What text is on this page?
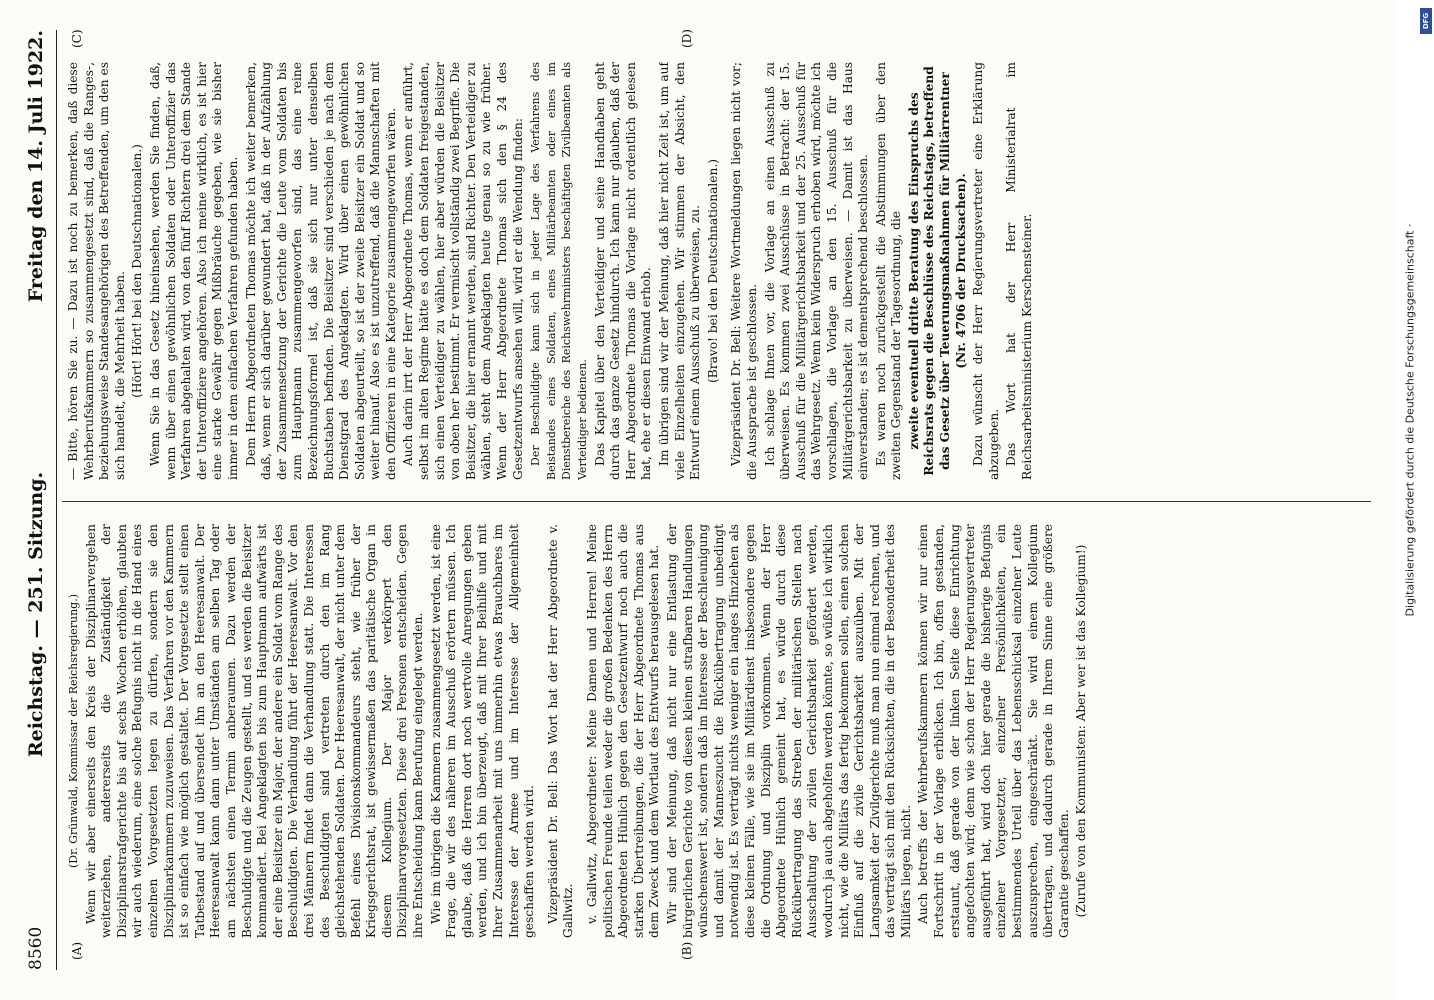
8560
Reichstag. — 251. Sitzung.
Freitag den 14. Juli 1922.
(A)	(B)
(C)	(D)

(Dr. Grünwald, Kommissar der Reichsregierung.) Wenn wir aber einerseits den Kreis der Disziplinarvergehen weiterziehen, andererseits die Zuständigkeit der Disziplinarstrafgerichte bis auf sechs Wochen erhöhen, glaubten wir auch wiederum, eine solche Befugnis nicht in die Hand eines einzelnen Vorgesetzten legen zu dürfen, sondern sie den Disziplinarkammern zuzuweisen. Das Verfahren vor den Kammern ist so einfach wie möglich gestaltet. Der Vorgesetzte stellt einen Tatbestand auf und übersendet ihn an den Heeresanwalt. Der Heeresanwalt kann dann unter Umständen am selben Tag oder am nächsten einen Termin anberaumen. Dazu werden der Beschuldigte und die Zeugen gestellt, und es werden die Beisitzer kommandiert. Bei Angeklagten bis zum Hauptmann aufwärts ist der eine Beisitzer ein Major, der andere ein Soldat vom Range des Beschuldigten. Die Verhandlung führt der Heeresanwalt. Vor den drei Männern findet dann die Verhandlung statt. Die Interessen des Beschuldigten sind vertreten durch den im Rang gleichstehenden Soldaten. Der Heeresanwalt, der nicht unter dem Befehl eines Divisionskommandeurs steht, wie früher der Kriegsgerichtsrat, ist gewissermaßen das paritätische Organ in diesem Kollegium. Der Major verkörpert den Disziplinarvorgesetzten. Diese drei Personen entscheiden. Gegen ihre Entscheidung kann Berufung eingelegt werden. Wie im übrigen die Kammern zusammengesetzt werden, ist eine Frage, die wir des näheren im Ausschuß erörtern müssen. Ich glaube, daß die Herren dort noch wertvolle Anregungen geben werden, und ich bin überzeugt, daß mit Ihrer Beihilfe und mit Ihrer Zusammenarbeit mit uns immerhin etwas Brauchbares im Interesse der Armee und im Interesse der Allgemeinheit geschaffen werden wird. Vizepräsident Dr. Bell: Das Wort hat der Herr Abgeordnete v. Gallwitz. v. Gallwitz, Abgeordneter: Meine Damen und Herren! Meine politischen Freunde teilen weder die großen Bedenken des Herrn Abgeordneten Hünlich gegen den Gesetzentwurf noch auch die starken Übertreibungen, die der Herr Abgeordnete Thomas aus dem Zweck und dem Wortlaut des Entwurfs herausgelesen hat. Wir sind der Meinung, daß nicht nur eine Entlastung der bürgerlichen Gerichte von diesen kleinen strafbaren Handlungen wünschenswert ist, sondern daß im Interesse der Beschleunigung und damit der Manneszucht die Rückübertragung unbedingt notwendig ist. Es verträgt nichts weniger ein langes Hinziehen als diese kleinen Fälle, wie sie im Militärdienst insbesondere gegen die Ordnung und Disziplin vorkommen. Wenn der Herr Abgeordnete Hünlich gemeint hat, es würde durch diese Rückübertragung das Streben der militärischen Stellen nach Ausschaltung der zivilen Gerichtsbarkeit gefördert werden, wodurch ja auch abgeholfen werden könnte, so wüßte ich wirklich nicht, wie die Militärs das fertig bekommen sollen, einen solchen Einfluß auf die zivile Gerichtsbarkeit auszuüben. Mit der Langsamkeit der Zivilgerichte muß man nun einmal rechnen, und das verträgt sich mit den Rücksichten, die in der Besonderheit des Militärs liegen, nicht. Auch betreffs der Wehrberufskammern können wir nur einen Fortschritt in der Vorlage erblicken. Ich bin, offen gestanden, erstaunt, daß gerade von der linken Seite diese Einrichtung angefochten wird; denn wie schon der Herr Regierungsvertreter ausgeführt hat, wird doch hier gerade die bisherige Befugnis einzelner Vorgesetzter, einzelner Persönlichkeiten, ein bestimmendes Urteil über das Lebensschicksal einzelner Leute auszusprechen, eingeschränkt. Sie wird einem Kollegium übertragen, und dadurch gerade in Ihrem Sinne eine größere Garantie geschaffen. (Zurufe von den Kommunisten: Aber wer ist das Kollegium!)

— Bitte, hören Sie zu. — Dazu ist noch zu bemerken, daß diese Wehrberufskammern so zusammengesetzt sind, daß die Ranges-, beziehungsweise Standesangehörigen des Betreffenden, um den es sich handelt, die Mehrheit haben. (Hört! Hört! bei den Deutschnationalen.) Wenn Sie in das Gesetz hineinsehen, werden Sie finden, daß, wenn über einen gewöhnlichen Soldaten oder Unteroffizier das Verfahren abgehalten wird, von den fünf Richtern drei dem Stande der Unteroffiziere angehören. Also ich meine wirklich, es ist hier eine starke Gewähr gegen Mißbräuche gegeben, wie sie bisher immer in dem einfachen Verfahren gefunden haben. Dem Herrn Abgeordneten Thomas möchte ich weiter bemerken, daß, wenn er sich darüber gewundert hat, daß in der Aufzählung der Zusammensetzung der Gerichte die Leute vom Soldaten bis zum Hauptmann zusammengeworfen sind, das eine reine Bezeichnungsformel ist, daß sie sich nur unter denselben Buchstaben befinden. Die Beisitzer sind verschieden je nach dem Dienstgrad des Angeklagten. Wird über einen gewöhnlichen Soldaten abgeurteilt, so ist der zweite Beisitzer ein Soldat und so weiter hinauf. Also es ist unzutreffend, daß die Mannschaften mit den Offizieren in eine Kategorie zusammengeworfen wären. Auch darin irrt der Herr Abgeordnete Thomas, wenn er anführt, selbst im alten Regime hätte es doch dem Soldaten freigestanden, sich einen Verteidiger zu wählen, hier aber würden die Beisitzer von oben her bestimmt. Er vermischt vollständig zwei Begriffe. Die Beisitzer, die hier ernannt werden, sind Richter. Den Verteidiger zu wählen, steht dem Angeklagten heute genau so zu wie früher. Wenn der Herr Abgeordnete Thomas sich den § 24 des Gesetzentwurfs ansehen will, wird er die Wendung finden: Der Beschuldigte kann sich in jeder Lage des Verfahrens des Beistandes eines Soldaten, eines Militärbeamten oder eines im Dienstbereiche des Reichswehrministers beschäftigten Zivilbeamten als Verteidiger bedienen. Das Kapitel über den Verteidiger und seine Handhaben geht durch das ganze Gesetz hindurch. Ich kann nur glauben, daß der Herr Abgeordnete Thomas die Vorlage nicht ordentlich gelesen hat, ehe er diesen Einwand erhob. Im übrigen sind wir der Meinung, daß hier nicht Zeit ist, um auf viele Einzelheiten einzugehen. Wir stimmen der Absicht, den Entwurf einem Ausschuß zu überweisen, zu. (Bravo! bei den Deutschnationalen.) Vizepräsident Dr. Bell: Weitere Wortmeldungen liegen nicht vor; die Aussprache ist geschlossen. Ich schlage Ihnen vor, die Vorlage an einen Ausschuß zu überweisen. Es kommen zwei Ausschüsse in Betracht: der 15. Ausschuß für die Militärgerichtsbarkeit und der 25. Ausschuß für das Wehrgesetz. Wenn kein Widerspruch erhoben wird, möchte ich vorschlagen, die Vorlage an den 15. Ausschuß für die Militärgerichtsbarkeit zu überweisen. — Damit ist das Haus einverstanden; es ist dementsprechend beschlossen. Es waren noch zurückgestellt die Abstimmungen über den zweiten Gegenstand der Tagesordnung, die zweite eventuell dritte Beratung des Einspruchs des Reichsrats gegen die Beschlüsse des Reichstags, betreffend das Gesetz über Teuerungsmaßnahmen für Militärrentner (Nr. 4706 der Drucksachen). Dazu wünscht der Herr Regierungsvertreter eine Erklärung abzugeben. Das Wort hat der Herr Ministerialrat im Reichsarbeitsministerium Kerschensteiner.	Digitalisierung gefördert durch die Deutsche Forschungsgemeinschaft ·
DFG
